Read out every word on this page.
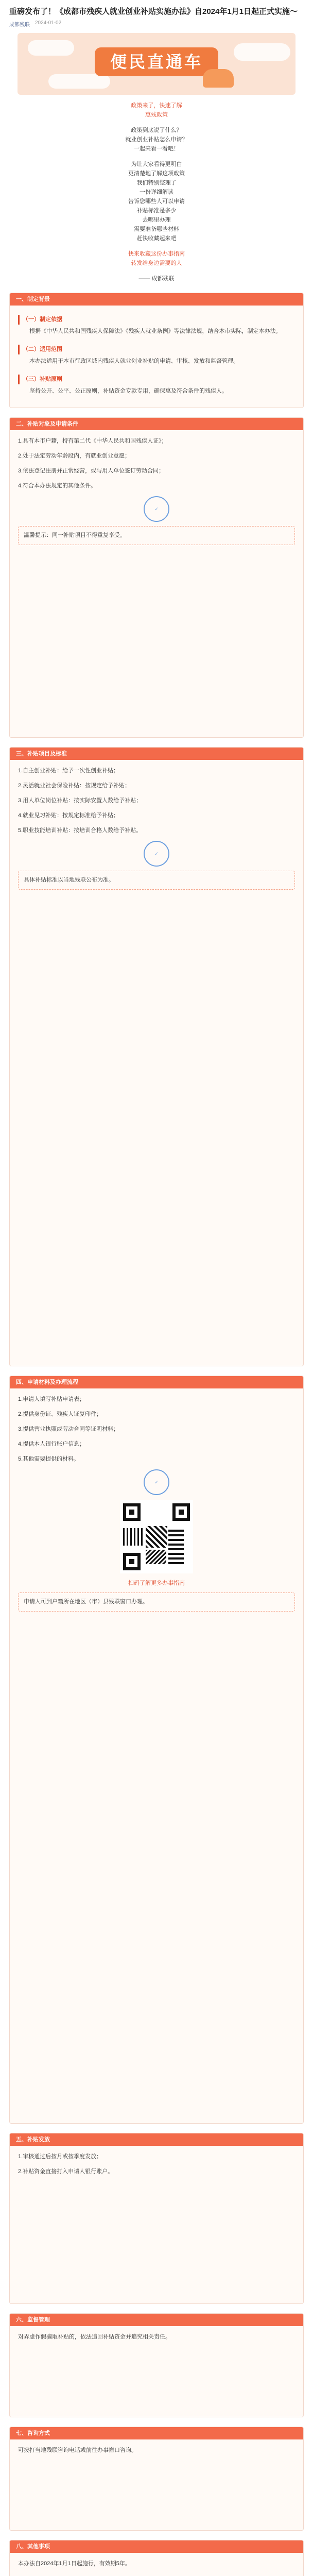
重磅发布了！《成都市残疾人就业创业补贴实施办法》自2024年1月1日起正式实施～
成都残联 2024-01-02
便民直通车
政策来了，快速了解
惠残政策
政策到底说了什么？
就业创业补贴怎么申请？
一起来看一看吧！
为让大家看得更明白
更清楚地了解这项政策
我们特别整理了
一份详细解读
告诉您哪些人可以申请
补贴标准是多少
去哪里办理
需要准备哪些材料
赶快收藏起来吧
快来收藏这份办事指南
转发给身边需要的人
—— 成都残联
一、制定背景
（一）制定依据

根据《中华人民共和国残疾人保障法》《残疾人就业条例》等法律法规，结合本市实际，制定本办法。

（二）适用范围

本办法适用于本市行政区域内残疾人就业创业补贴的申请、审核、发放和监督管理。

（三）补贴原则

坚持公开、公平、公正原则，补贴资金专款专用，确保惠及符合条件的残疾人。

二、补贴对象及申请条件

1.具有本市户籍，持有第二代《中华人民共和国残疾人证》；

2.处于法定劳动年龄段内，有就业创业意愿；

3.依法登记注册并正常经营，或与用人单位签订劳动合同；

4.符合本办法规定的其他条件。

✓
温馨提示：同一补贴项目不得重复享受。
三、补贴项目及标准

1.自主创业补贴：给予一次性创业补贴；

2.灵活就业社会保险补贴：按规定给予补贴；

3.用人单位岗位补贴：按实际安置人数给予补贴；

4.就业见习补贴：按规定标准给予补贴；

5.职业技能培训补贴：按培训合格人数给予补贴。

✓
具体补贴标准以当地残联公布为准。
四、申请材料及办理流程

1.申请人填写补贴申请表；

2.提供身份证、残疾人证复印件；

3.提供营业执照或劳动合同等证明材料；

4.提供本人银行账户信息；

5.其他需要提供的材料。

✓
扫码了解更多办事指南
申请人可到户籍所在地区（市）县残联窗口办理。
五、补贴发放

1.审核通过后按月或按季度发放；

2.补贴资金直接打入申请人银行账户。

六、监督管理

对弄虚作假骗取补贴的，依法追回补贴资金并追究相关责任。

七、咨询方式

可拨打当地残联咨询电话或前往办事窗口咨询。

八、其他事项

本办法自2024年1月1日起施行，有效期5年。
